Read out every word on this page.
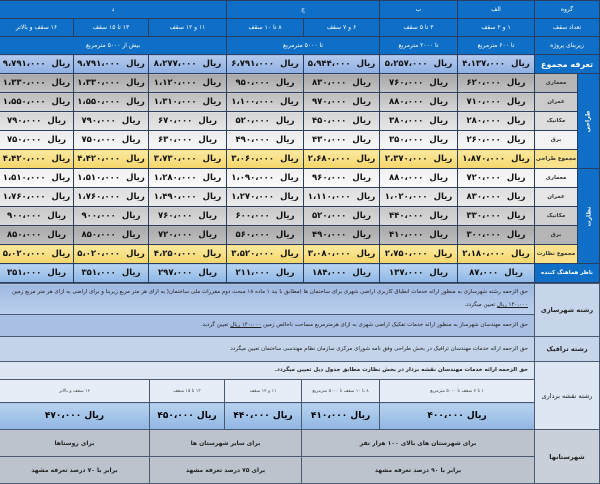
گروه		الف	ب	ج		د		
تعداد سقف		۱ و ۲ سقف	۳ تا ۵ سقف	۶ و ۷ سقف	۸ تا ۱۰ سقف	۱۱ و ۱۲ سقف	۱۳ تا ۱۵ سقف	۱۶ سقف و بالاتر
زیربنای پروژه		تا ۶۰۰ مترمربع	تا ۲۰۰۰ مترمربع	تا ۵۰۰۰ مترمربع		بیش از ۵۰۰۰ مترمربع		
تعرفه مجموع		ریال۴،۱۳۷،۰۰۰	ریال۵،۲۵۷،۰۰۰	ریال۵،۹۴۴،۰۰۰	ریال۶،۷۹۱،۰۰۰	ریال۸،۲۷۷،۰۰۰	ریال۹،۷۹۱،۰۰۰	ریال۹،۷۹۱،۰۰۰
طراحی	معماری	ریال۶۲۰،۰۰۰	ریال۷۶۰،۰۰۰	ریال۸۳۰،۰۰۰	ریال۹۵۰،۰۰۰	ریال۱،۱۲۰،۰۰۰	ریال۱،۳۳۰،۰۰۰	ریال۱،۳۳۰،۰۰۰
	عمران	ریال۷۱۰،۰۰۰	ریال۸۸۰،۰۰۰	ریال۹۷۰،۰۰۰	ریال۱،۱۰۰،۰۰۰	ریال۱،۳۱۰،۰۰۰	ریال۱،۵۵۰،۰۰۰	ریال۱،۵۵۰،۰۰۰
	مکانیک	ریال۲۸۰،۰۰۰	ریال۳۸۰،۰۰۰	ریال۴۵۰،۰۰۰	ریال۵۲۰،۰۰۰	ریال۶۷۰،۰۰۰	ریال۷۹۰،۰۰۰	ریال۷۹۰،۰۰۰
	برق	ریال۲۶۰،۰۰۰	ریال۳۵۰،۰۰۰	ریال۴۳۰،۰۰۰	ریال۴۹۰،۰۰۰	ریال۶۳۰،۰۰۰	ریال۷۵۰،۰۰۰	ریال۷۵۰،۰۰۰
	مجموع طراحی	ریال۱،۸۷۰،۰۰۰	ریال۲،۳۷۰،۰۰۰	ریال۲،۶۸۰،۰۰۰	ریال۳،۰۶۰،۰۰۰	ریال۳،۷۳۰،۰۰۰	ریال۴،۴۲۰،۰۰۰	ریال۴،۴۲۰،۰۰۰
نظارت	معماری	ریال۷۲۰،۰۰۰	ریال۸۸۰،۰۰۰	ریال۹۶۰،۰۰۰	ریال۱،۰۹۰،۰۰۰	ریال۱،۲۸۰،۰۰۰	ریال۱،۵۱۰،۰۰۰	ریال۱،۵۱۰،۰۰۰
	عمران	ریال۸۳۰،۰۰۰	ریال۱،۰۲۰،۰۰۰	ریال۱،۱۱۰،۰۰۰	ریال۱،۲۷۰،۰۰۰	ریال۱،۴۹۰،۰۰۰	ریال۱،۷۶۰،۰۰۰	ریال۱،۷۶۰،۰۰۰
	مکانیک	ریال۳۳۰،۰۰۰	ریال۴۴۰،۰۰۰	ریال۵۲۰،۰۰۰	ریال۶۰۰،۰۰۰	ریال۷۶۰،۰۰۰	ریال۹۰۰،۰۰۰	ریال۹۰۰،۰۰۰
	برق	ریال۳۰۰،۰۰۰	ریال۴۱۰،۰۰۰	ریال۴۹۰،۰۰۰	ریال۵۶۰،۰۰۰	ریال۷۲۰،۰۰۰	ریال۸۵۰،۰۰۰	ریال۸۵۰،۰۰۰
	مجموع نظارت	ریال۲،۱۸۰،۰۰۰	ریال۲،۷۵۰،۰۰۰	ریال۳،۰۸۰،۰۰۰	ریال۳،۵۲۰،۰۰۰	ریال۴،۲۵۰،۰۰۰	ریال۵،۰۲۰،۰۰۰	ریال۵،۰۲۰،۰۰۰
ناظر هماهنگ کننده		ریال۸۷،۰۰۰	ریال۱۳۷،۰۰۰	ریال۱۸۴،۰۰۰	ریال۲۱۱،۰۰۰	ریال۲۹۷،۰۰۰	ریال۳۵۱،۰۰۰	ریال۳۵۱،۰۰۰
رشته شهرسازی	حق الزحمه رشته شهرسازی به منظور ارائه خدمات انطباق کاربری اراضی شهری برای ساختمان ها )مطابق با بند ۱ ماده ۱۸ مبحث دوم مقررات ملی ساختمان( به ازای هر متر مربع زیربنا و برای اراضی به ازای هر متر مربع زمین ۱۴۰،۰۰۰ ریال تعیین میگردد.				
	حق الزحمه مهندسان شهرساز به منظور ارائه خدمات تفکیک اراضی شهری به ازای هرمترمربع مساحت ناخالص زمین ۱۴۰،۰۰۰ ریال تعیین گردید.				
رشته ترافیک	حق الزحمه ارائه خدمات مهندسان ترافیک در بخش طراحی وفق نامه شورای مرکزی سازمان نظام مهندسی ساختمان تعیین میگردد				
رشته نقشه برداری	حق الزحمه ارائه خدمات مهندسان نقشه بردار در بخش نظارت مطابق جدول ذیل تعیین میگردد.				
	۱ تا ۷ سقف تا ۵۰۰۰ مترمربع	۸ تا ۱۰ سقف تا ۵۰۰۰ مترمربع	۱۱ و ۱۲ سقف	۱۳ تا ۱۵ سقف	۱۶ سقف و بالاتر
	ریال ۴۰۰،۰۰۰	ریال ۴۱۰،۰۰۰	ریال ۴۴۰،۰۰۰	ریال ۴۵۰،۰۰۰	ریال ۴۷۰،۰۰۰
شهرستانها	برای شهرستان های بالای ۱۰۰ هزار نفر		برای سایر شهرستان ها		برای روستاها
	برابر با ۹۰ درصد تعرفه مشهد		برای ۷۵ درصد تعرفه مشهد		برابر با ۷۰ درصد تعرفه مشهد
